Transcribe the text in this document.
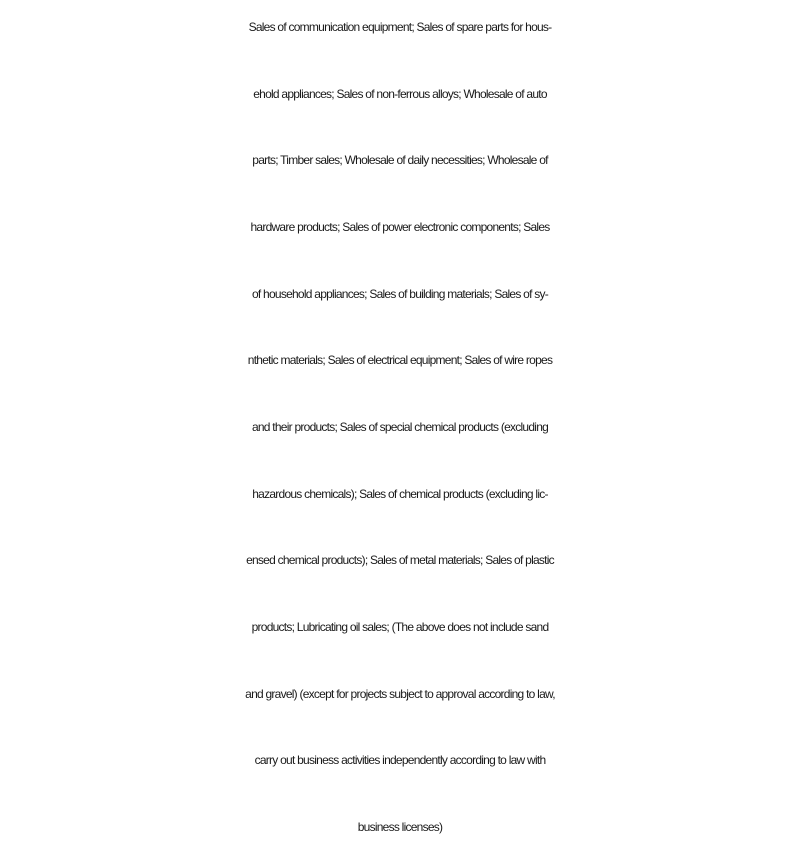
Sales of communication equipment; Sales of spare parts for hous-
ehold appliances; Sales of non-ferrous alloys; Wholesale of auto
parts; Timber sales; Wholesale of daily necessities; Wholesale of
hardware products; Sales of power electronic components; Sales
of household appliances; Sales of building materials; Sales of sy-
nthetic materials; Sales of electrical equipment; Sales of wire ropes
and their products; Sales of special chemical products (excluding
hazardous chemicals); Sales of chemical products (excluding lic-
ensed chemical products); Sales of metal materials; Sales of plastic
products; Lubricating oil sales; (The above does not include sand
and gravel) (except for projects subject to approval according to law,
carry out business activities independently according to law with
business licenses)
